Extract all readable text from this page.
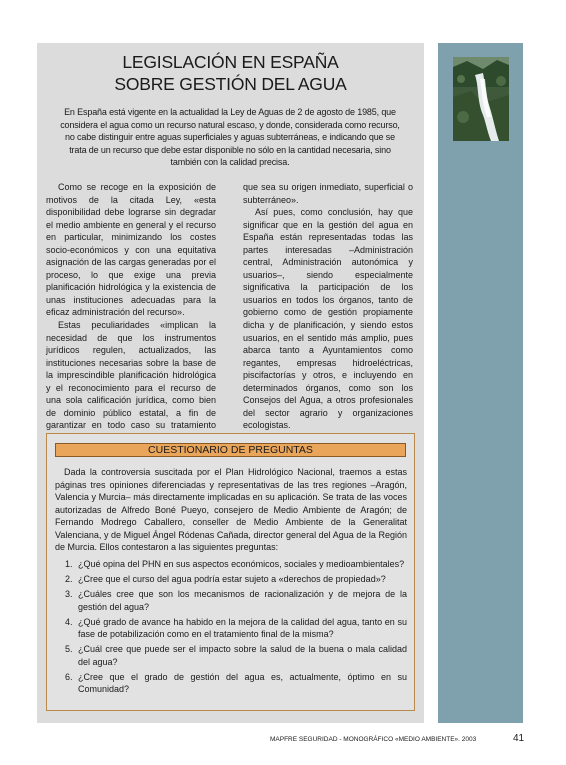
LEGISLACIÓN EN ESPAÑA
SOBRE GESTIÓN DEL AGUA
En España está vigente en la actualidad la Ley de Aguas de 2 de agosto de 1985, que considera el agua como un recurso natural escaso, y donde, considerada como recurso, no cabe distinguir entre aguas superficiales y aguas subterráneas, e indicando que se trata de un recurso que debe estar disponible no sólo en la cantidad necesaria, sino también con la calidad precisa.

Como se recoge en la exposición de motivos de la citada Ley, «esta disponibilidad debe lograrse sin degradar el medio ambiente en general y el recurso en particular, minimizando los costes socio-económicos y con una equitativa asignación de las cargas generadas por el proceso, lo que exige una previa planificación hidrológica y la existencia de unas instituciones adecuadas para la eficaz administración del recurso».

Estas peculiaridades «implican la necesidad de que los instrumentos jurídicos regulen, actualizados, las instituciones necesarias sobre la base de la imprescindible planificación hidrológica y el reconocimiento para el recurso de una sola calificación jurídica, como bien de dominio público estatal, a fin de garantizar en todo caso su tratamiento

que sea su origen inmediato, superficial o subterráneo».

Así pues, como conclusión, hay que significar que en la gestión del agua en España están representadas todas las partes interesadas –Administración central, Administración autonómica y usuarios–, siendo especialmente significativa la participación de los usuarios en todos los órganos, tanto de gobierno como de gestión propiamente dicha y de planificación, y siendo estos usuarios, en el sentido más amplio, pues abarca tanto a Ayuntamientos como regantes, empresas hidroeléctricas, piscifactorías y otros, e incluyendo en determinados órganos, como son los Consejos del Agua, a otros profesionales del sector agrario y organizaciones ecologistas.

CUESTIONARIO DE PREGUNTAS

Dada la controversia suscitada por el Plan Hidrológico Nacional, traemos a estas páginas tres opiniones diferenciadas y representativas de las tres regiones –Aragón, Valencia y Murcia– más directamente implicadas en su aplicación. Se trata de las voces autorizadas de Alfredo Boné Pueyo, consejero de Medio Ambiente de Aragón; de Fernando Modrego Caballero, conseller de Medio Ambiente de la Generalitat Valenciana, y de Miguel Ángel Ródenas Cañada, director general del Agua de la Región de Murcia. Ellos contestaron a las siguientes preguntas:

1. ¿Qué opina del PHN en sus aspectos económicos, sociales y medioambientales?
2. ¿Cree que el curso del agua podría estar sujeto a «derechos de propiedad»?
3. ¿Cuáles cree que son los mecanismos de racionalización y de mejora de la gestión del agua?
4. ¿Qué grado de avance ha habido en la mejora de la calidad del agua, tanto en su fase de potabilización como en el tratamiento final de la misma?
5. ¿Cuál cree que puede ser el impacto sobre la salud de la buena o mala calidad del agua?
6. ¿Cree que el grado de gestión del agua es, actualmente, óptimo en su Comunidad?
MAPFRE SEGURIDAD - MONOGRÁFICO «MEDIO AMBIENTE». 2003	41
